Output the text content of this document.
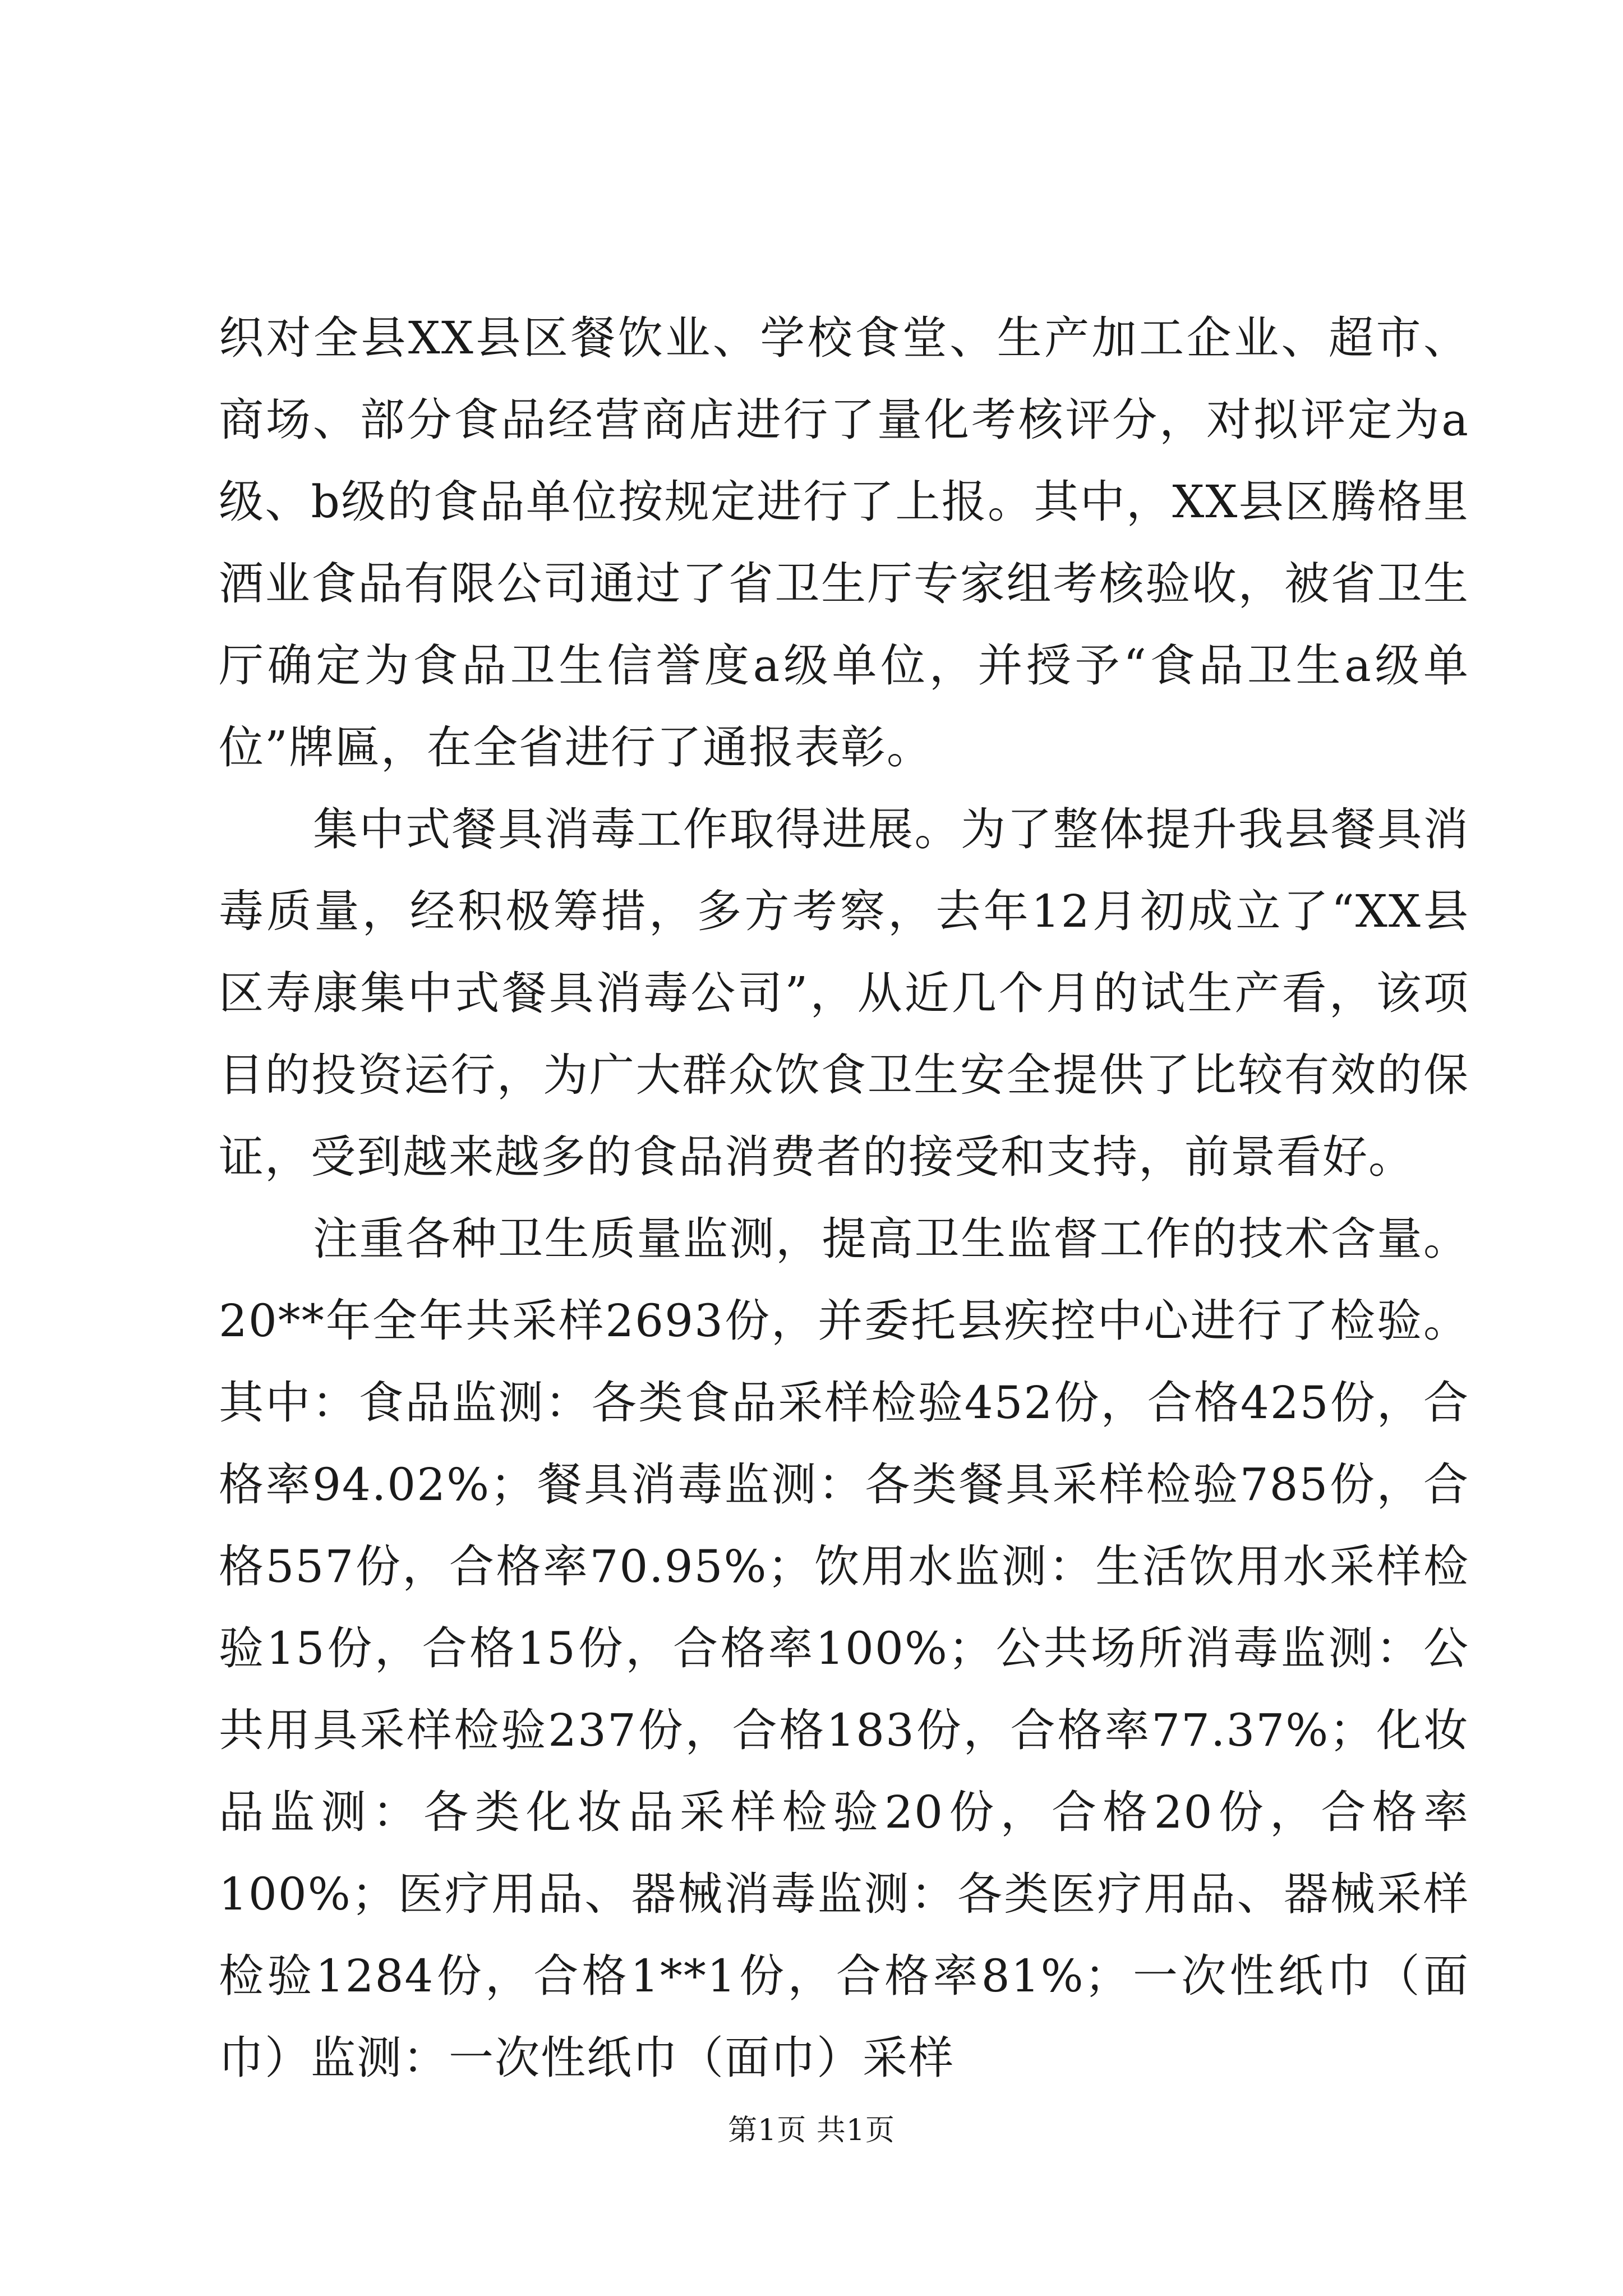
织对全县XX县区餐饮业、学校食堂、生产加工企业、超市、商场、部分食品经营商店进行了量化考核评分，对拟评定为a级、b级的食品单位按规定进行了上报。其中，XX县区腾格里酒业食品有限公司通过了省卫生厅专家组考核验收，被省卫生厅确定为食品卫生信誉度a级单位，并授予“食品卫生a级单位”牌匾，在全省进行了通报表彰。

集中式餐具消毒工作取得进展。为了整体提升我县餐具消毒质量，经积极筹措，多方考察，去年12月初成立了“XX县区寿康集中式餐具消毒公司”，从近几个月的试生产看，该项目的投资运行，为广大群众饮食卫生安全提供了比较有效的保证，受到越来越多的食品消费者的接受和支持，前景看好。

注重各种卫生质量监测，提高卫生监督工作的技术含量。20**年全年共采样2693份，并委托县疾控中心进行了检验。其中：食品监测：各类食品采样检验452份，合格425份，合格率94.02%；餐具消毒监测：各类餐具采样检验785份，合格557份，合格率70.95%；饮用水监测：生活饮用水采样检验15份，合格15份，合格率100%；公共场所消毒监测：公共用具采样检验237份，合格183份，合格率77.37%；化妆品监测：各类化妆品采样检验20份，合格20份，合格率100%；医疗用品、器械消毒监测：各类医疗用品、器械采样检验1284份，合格1**1份，合格率81%；一次性纸巾（面巾）监测：一次性纸巾（面巾）采样

第1页 共1页
